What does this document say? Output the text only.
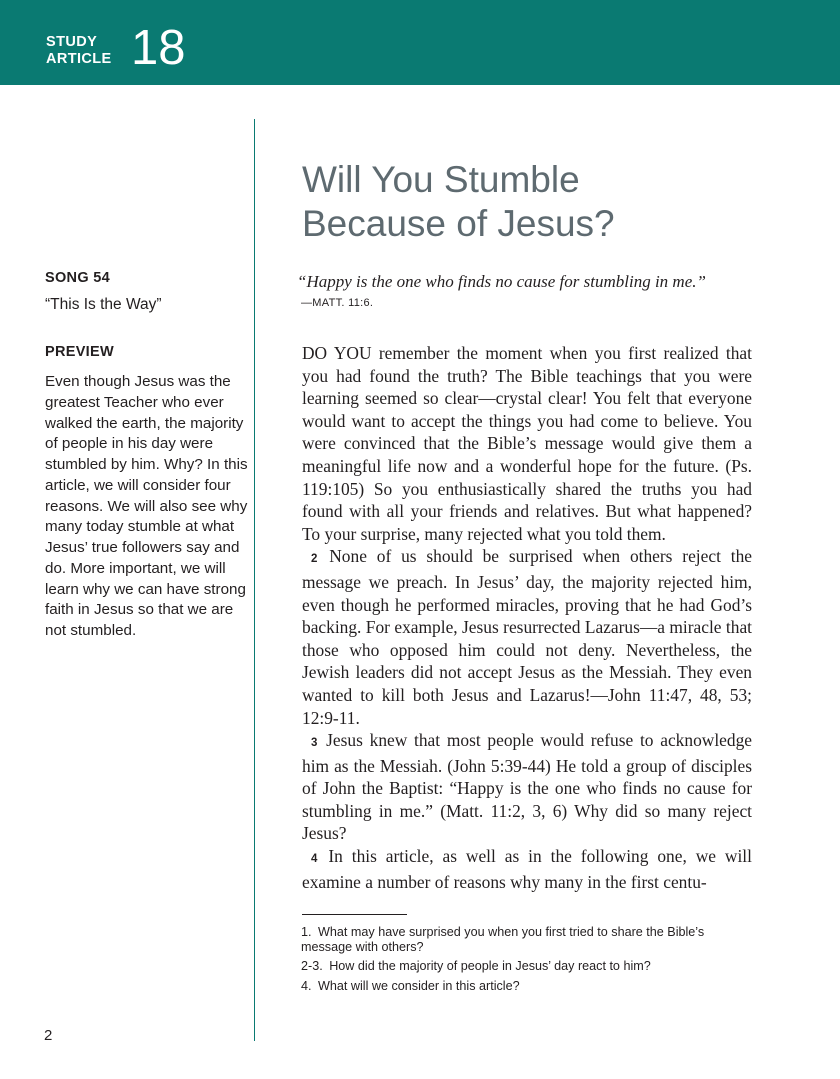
STUDY
ARTICLE 18
SONG 54
“This Is the Way”
PREVIEW
Even though Jesus was the greatest Teacher who ever walked the earth, the majority of people in his day were stumbled by him. Why? In this article, we will consider four reasons. We will also see why many today stumble at what Jesus’ true followers say and do. More important, we will learn why we can have strong faith in Jesus so that we are not stumbled.
2
Will You Stumble
Because of Jesus?
“Happy is the one who finds no cause for stumbling in me.”
—MATT. 11:6.

DO YOU remember the moment when you first realized that you had found the truth? The Bible teachings that you were learning seemed so clear—crystal clear! You felt that everyone would want to accept the things you had come to believe. You were convinced that the Bible’s message would give them a meaningful life now and a wonderful hope for the future. (Ps. 119:105) So you enthusiastically shared the truths you had found with all your friends and relatives. But what happened? To your surprise, many rejected what you told them.

2 None of us should be surprised when others reject the message we preach. In Jesus’ day, the majority rejected him, even though he performed miracles, proving that he had God’s backing. For example, Jesus resurrected Lazarus—a miracle that those who opposed him could not deny. Nevertheless, the Jewish leaders did not accept Jesus as the Messiah. They even wanted to kill both Jesus and Lazarus!—John 11:47, 48, 53; 12:9-11.

3 Jesus knew that most people would refuse to acknowledge him as the Messiah. (John 5:39-44) He told a group of disciples of John the Baptist: “Happy is the one who finds no cause for stumbling in me.” (Matt. 11:2, 3, 6) Why did so many reject Jesus?

4 In this article, as well as in the following one, we will examine a number of reasons why many in the first centu-

1. What may have surprised you when you first tried to share the Bible’s message with others?

2-3. How did the majority of people in Jesus’ day react to him?

4. What will we consider in this article?
